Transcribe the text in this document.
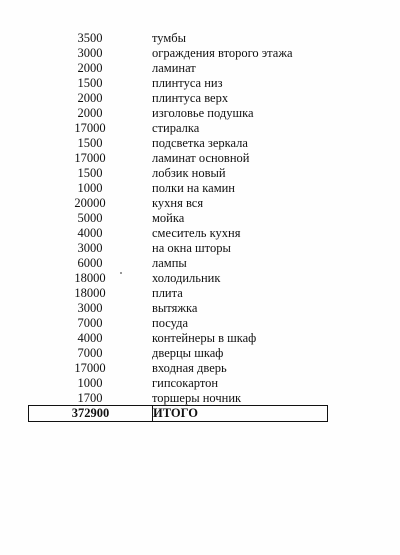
3500	тумбы
3000	ограждения второго этажа
2000	ламинат
1500	плинтуса низ
2000	плинтуса верх
2000	изголовье подушка
17000	стиралка
1500	подсветка зеркала
17000	ламинат основной
1500	лобзик новый
1000	полки на камин
20000	кухня вся
5000	мойка
4000	смеситель кухня
3000	на окна шторы
6000	лампы
18000	холодильник
18000	плита
3000	вытяжка
7000	посуда
4000	контейнеры в шкаф
7000	дверцы шкаф
17000	входная дверь
1000	гипсокартон
1700	торшеры ночник
372900	ИТОГО
